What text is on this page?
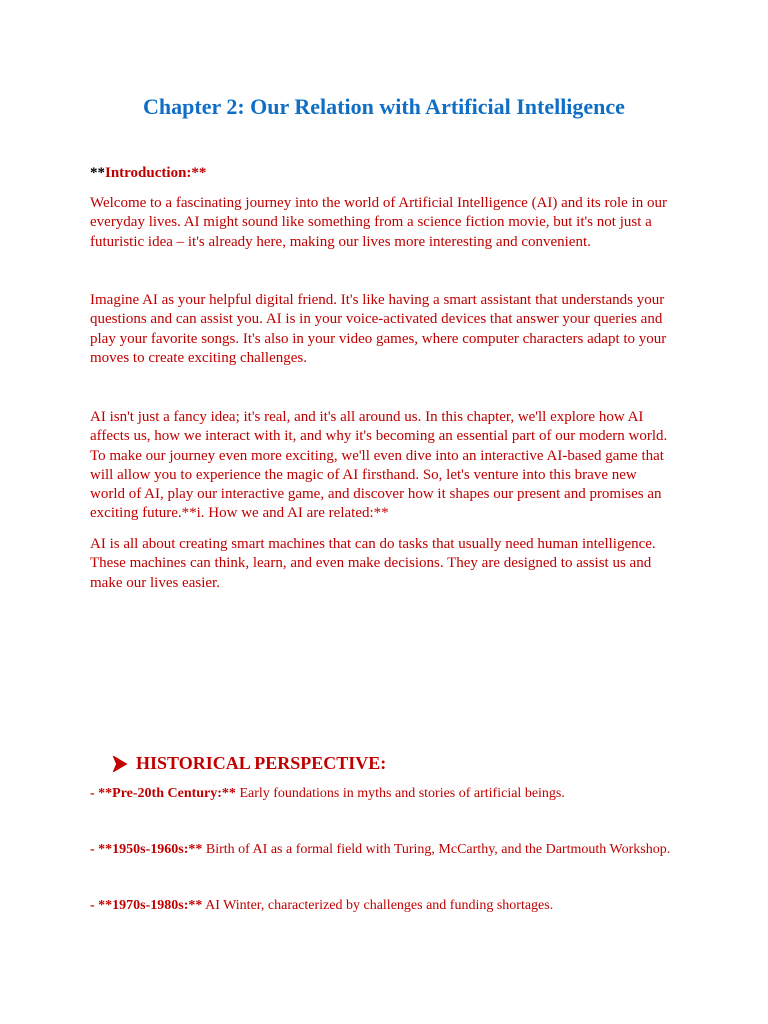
Chapter 2: Our Relation with Artificial Intelligence

**Introduction:**

Welcome to a fascinating journey into the world of Artificial Intelligence (AI) and its role in our everyday lives. AI might sound like something from a science fiction movie, but it's not just a futuristic idea – it's already here, making our lives more interesting and convenient.

Imagine AI as your helpful digital friend. It's like having a smart assistant that understands your questions and can assist you. AI is in your voice-activated devices that answer your queries and play your favorite songs. It's also in your video games, where computer characters adapt to your moves to create exciting challenges.

AI isn't just a fancy idea; it's real, and it's all around us. In this chapter, we'll explore how AI affects us, how we interact with it, and why it's becoming an essential part of our modern world. To make our journey even more exciting, we'll even dive into an interactive AI-based game that will allow you to experience the magic of AI firsthand. So, let's venture into this brave new world of AI, play our interactive game, and discover how it shapes our present and promises an exciting future.**i. How we and AI are related:**

AI is all about creating smart machines that can do tasks that usually need human intelligence. These machines can think, learn, and even make decisions. They are designed to assist us and make our lives easier.

HISTORICAL PERSPECTIVE:

- **Pre-20th Century:** Early foundations in myths and stories of artificial beings.

- **1950s-1960s:** Birth of AI as a formal field with Turing, McCarthy, and the Dartmouth Workshop.

- **1970s-1980s:** AI Winter, characterized by challenges and funding shortages.
